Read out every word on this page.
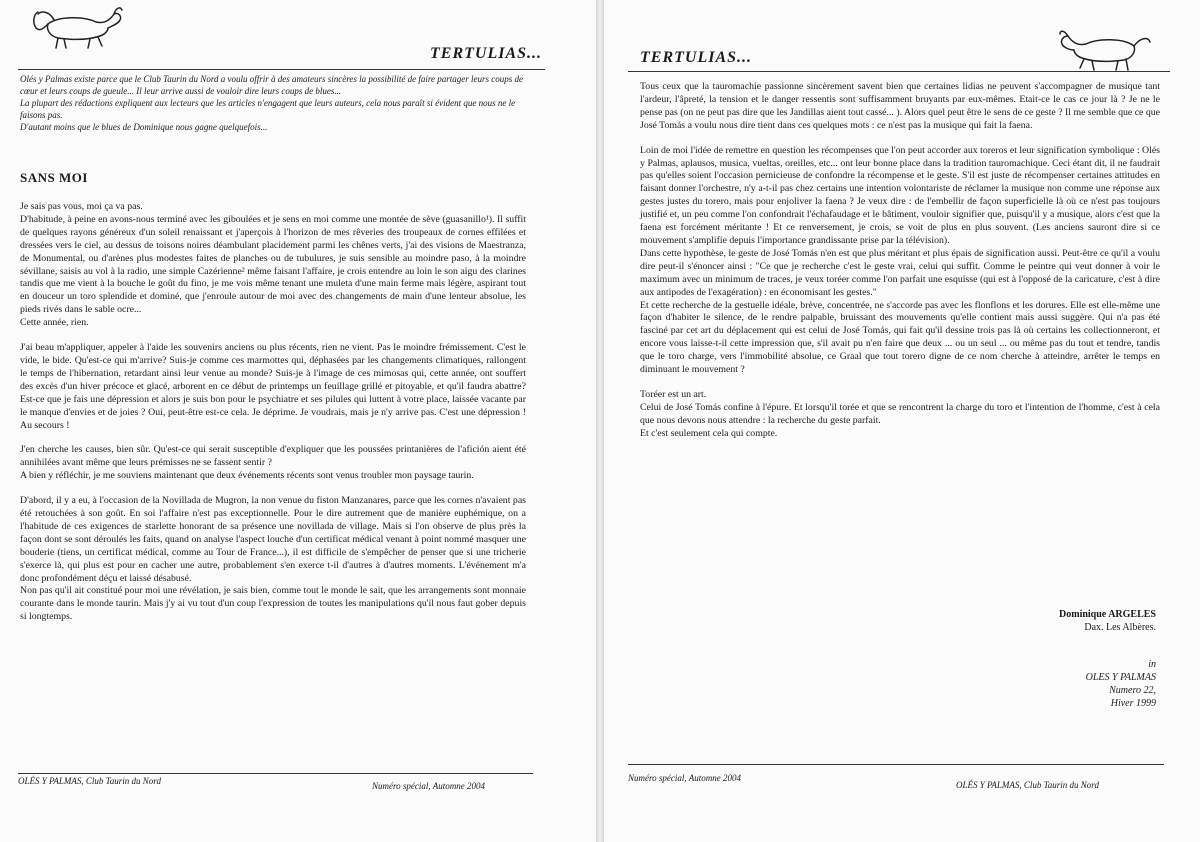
TERTULIAS...

Olés y Palmas existe parce que le Club Taurin du Nord a voulu offrir à des amateurs sincères la possibilité de faire partager leurs coups de cœur et leurs coups de gueule... Il leur arrive aussi de vouloir dire leurs coups de blues...

La plupart des rédactions expliquent aux lecteurs que les articles n'engagent que leurs auteurs, cela nous paraît si évident que nous ne le faisons pas.

D'autant moins que le blues de Dominique nous gagne quelquefois...

SANS MOI

Je sais pas vous, moi ça va pas.

D'habitude, à peine en avons-nous terminé avec les giboulées et je sens en moi comme une montée de sève (guasanillo¹). Il suffit de quelques rayons généreux d'un soleil renaissant et j'aperçois à l'horizon de mes rêveries des troupeaux de cornes effilées et dressées vers le ciel, au dessus de toisons noires déambulant placidement parmi les chênes verts, j'ai des visions de Maestranza, de Monumental, ou d'arènes plus modestes faites de planches ou de tubulures, je suis sensible au moindre paso, à la moindre sévillane, saisis au vol à la radio, une simple Cazérienne² même faisant l'affaire, je crois entendre au loin le son aigu des clarines tandis que me vient à la bouche le goût du fino, je me vois même tenant une muleta d'une main ferme mais légère, aspirant tout en douceur un toro splendide et dominé, que j'enroule autour de moi avec des changements de main d'une lenteur absolue, les pieds rivés dans le sable ocre...

Cette année, rien.

J'ai beau m'appliquer, appeler à l'aide les souvenirs anciens ou plus récents, rien ne vient. Pas le moindre frémissement. C'est le vide, le bide. Qu'est-ce qui m'arrive? Suis-je comme ces marmottes qui, déphasées par les changements climatiques, rallongent le temps de l'hibernation, retardant ainsi leur venue au monde? Suis-je à l'image de ces mimosas qui, cette année, ont souffert des excès d'un hiver précoce et glacé, arborent en ce début de printemps un feuillage grillé et pitoyable, et qu'il faudra abattre? Est-ce que je fais une dépression et alors je suis bon pour le psychiatre et ses pilules qui luttent à votre place, laissée vacante par le manque d'envies et de joies ? Oui, peut-être est-ce cela. Je déprime. Je voudrais, mais je n'y arrive pas. C'est une dépression ! Au secours !

J'en cherche les causes, bien sûr. Qu'est-ce qui serait susceptible d'expliquer que les poussées printanières de l'afición aient été annihilées avant même que leurs prémisses ne se fassent sentir ?

A bien y réfléchir, je me souviens maintenant que deux événements récents sont venus troubler mon paysage taurin.

D'abord, il y a eu, à l'occasion de la Novillada de Mugron, la non venue du fiston Manzanares, parce que les cornes n'avaient pas été retouchées à son goût. En soi l'affaire n'est pas exceptionnelle. Pour le dire autrement que de manière euphémique, on a l'habitude de ces exigences de starlette honorant de sa présence une novillada de village. Mais si l'on observe de plus près la façon dont se sont déroulés les faits, quand on analyse l'aspect louche d'un certificat médical venant à point nommé masquer une bouderie (tiens, un certificat médical, comme au Tour de France...), il est difficile de s'empêcher de penser que si une tricherie s'exerce là, qui plus est pour en cacher une autre, probablement s'en exerce t-il d'autres à d'autres moments. L'événement m'a donc profondément déçu et laissé désabusé.

Non pas qu'il ait constitué pour moi une révélation, je sais bien, comme tout le monde le sait, que les arrangements sont monnaie courante dans le monde taurin. Mais j'y ai vu tout d'un coup l'expression de toutes les manipulations qu'il nous faut gober depuis si longtemps.

OLÉS Y PALMAS, Club Taurin du Nord	Numéro spécial, Automne 2004
TERTULIAS...

Tous ceux que la tauromachie passionne sincèrement savent bien que certaines lidias ne peuvent s'accompagner de musique tant l'ardeur, l'âpreté, la tension et le danger ressentis sont suffisamment bruyants par eux-mêmes. Etait-ce le cas ce jour là ? Je ne le pense pas (on ne peut pas dire que les Jandillas aient tout cassé... ). Alors quel peut être le sens de ce geste ? Il me semble que ce que José Tomás a voulu nous dire tient dans ces quelques mots : ce n'est pas la musique qui fait la faena.

Loin de moi l'idée de remettre en question les récompenses que l'on peut accorder aux toreros et leur signification symbolique : Olés y Palmas, aplausos, musica, vueltas, oreilles, etc... ont leur bonne place dans la tradition tauromachique. Ceci étant dit, il ne faudrait pas qu'elles soient l'occasion pernicieuse de confondre la récompense et le geste. S'il est juste de récompenser certaines attitudes en faisant donner l'orchestre, n'y a-t-il pas chez certains une intention volontariste de réclamer la musique non comme une réponse aux gestes justes du torero, mais pour enjoliver la faena ? Je veux dire : de l'embellir de façon superficielle là où ce n'est pas toujours justifié et, un peu comme l'on confondrait l'échafaudage et le bâtiment, vouloir signifier que, puisqu'il y a musique, alors c'est que la faena est forcément méritante ! Et ce renversement, je crois, se voit de plus en plus souvent. (Les anciens sauront dire si ce mouvement s'amplifie depuis l'importance grandissante prise par la télévision).

Dans cette hypothèse, le geste de José Tomás n'en est que plus méritant et plus épais de signification aussi. Peut-être ce qu'il a voulu dire peut-il s'énoncer ainsi : "Ce que je recherche c'est le geste vrai, celui qui suffit. Comme le peintre qui veut donner à voir le maximum avec un minimum de traces, je veux toréer comme l'on parfait une esquisse (qui est à l'opposé de la caricature, c'est à dire aux antipodes de l'exagération) : en économisant les gestes."

Et cette recherche de la gestuelle idéale, brève, concentrée, ne s'accorde pas avec les flonflons et les dorures. Elle est elle-même une façon d'habiter le silence, de le rendre palpable, bruissant des mouvements qu'elle contient mais aussi suggère. Qui n'a pas été fasciné par cet art du déplacement qui est celui de José Tomás, qui fait qu'il dessine trois pas là où certains les collectionneront, et encore vous laisse-t-il cette impression que, s'il avait pu n'en faire que deux ... ou un seul ... ou même pas du tout et tendre, tandis que le toro charge, vers l'immobilité absolue, ce Graal que tout torero digne de ce nom cherche à atteindre, arrêter le temps en diminuant le mouvement ?

Toréer est un art.

Celui de José Tomás confine à l'épure. Et lorsqu'il torée et que se rencontrent la charge du toro et l'intention de l'homme, c'est à cela que nous devons nous attendre : la recherche du geste parfait.

Et c'est seulement cela qui compte.

Dominique ARGELES
Dax. Les Albères.
in
OLES Y PALMAS
Numero 22,
Hiver 1999
Numéro spécial, Automne 2004
OLÉS Y PALMAS, Club Taurin du Nord
